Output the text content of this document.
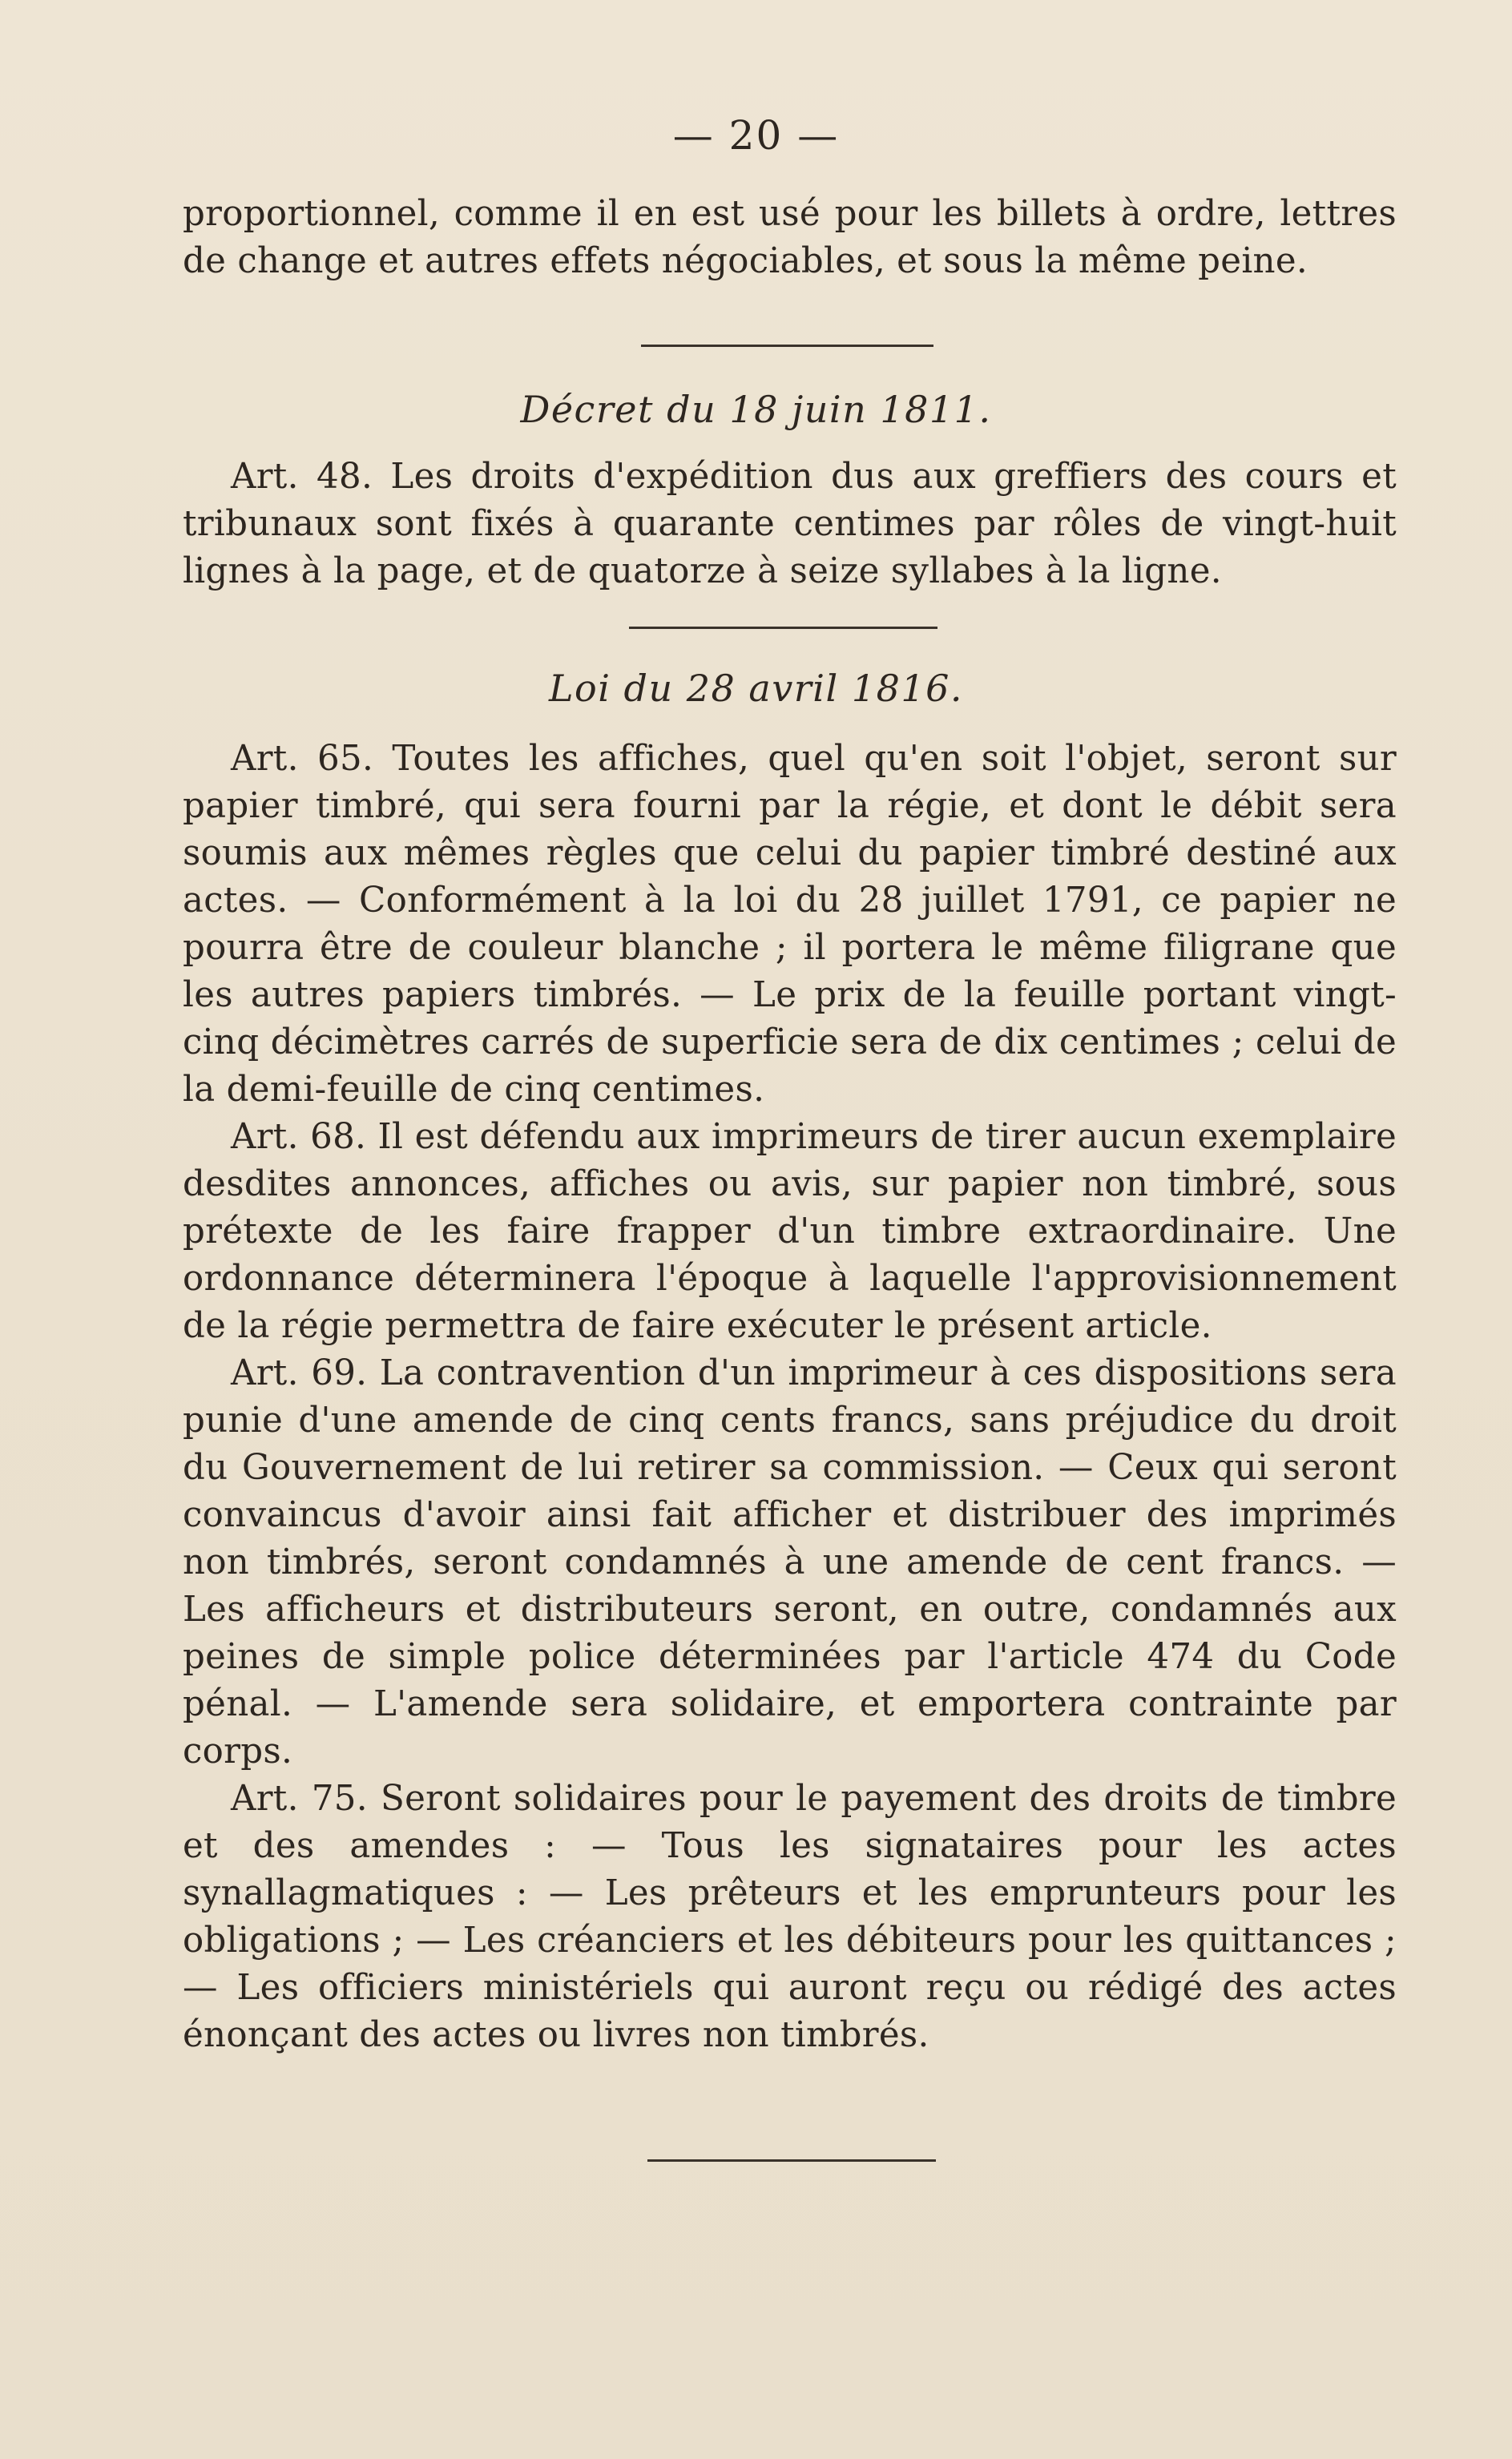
— 20 —

proportionnel, comme il en est usé pour les billets à ordre, lettres de change et autres effets négociables, et sous la même peine.

Décret du 18 juin 1811.

Art. 48. Les droits d'expédition dus aux greffiers des cours et tribunaux sont fixés à quarante centimes par rôles de vingt-huit lignes à la page, et de quatorze à seize syllabes à la ligne.

Loi du 28 avril 1816.

Art. 65. Toutes les affiches, quel qu'en soit l'objet, seront sur papier timbré, qui sera fourni par la régie, et dont le débit sera soumis aux mêmes règles que celui du papier timbré destiné aux actes. — Conformément à la loi du 28 juillet 1791, ce papier ne pourra être de couleur blanche ; il portera le même filigrane que les autres papiers timbrés. — Le prix de la feuille portant vingt-cinq décimètres carrés de superficie sera de dix centimes ; celui de la demi-feuille de cinq centimes.

Art. 68. Il est défendu aux imprimeurs de tirer aucun exemplaire desdites annonces, affiches ou avis, sur papier non timbré, sous prétexte de les faire frapper d'un timbre extraordinaire. Une ordonnance déterminera l'époque à laquelle l'approvisionnement de la régie permettra de faire exécuter le présent article.

Art. 69. La contravention d'un imprimeur à ces dispositions sera punie d'une amende de cinq cents francs, sans préjudice du droit du Gouvernement de lui retirer sa commission. — Ceux qui seront convaincus d'avoir ainsi fait afficher et distribuer des imprimés non timbrés, seront condamnés à une amende de cent francs. — Les afficheurs et distributeurs seront, en outre, condamnés aux peines de simple police déterminées par l'article 474 du Code pénal. — L'amende sera solidaire, et emportera contrainte par corps.

Art. 75. Seront solidaires pour le payement des droits de timbre et des amendes : — Tous les signataires pour les actes synallagmatiques : — Les prêteurs et les emprunteurs pour les obligations ; — Les créanciers et les débiteurs pour les quittances ; — Les officiers ministériels qui auront reçu ou rédigé des actes énonçant des actes ou livres non timbrés.
